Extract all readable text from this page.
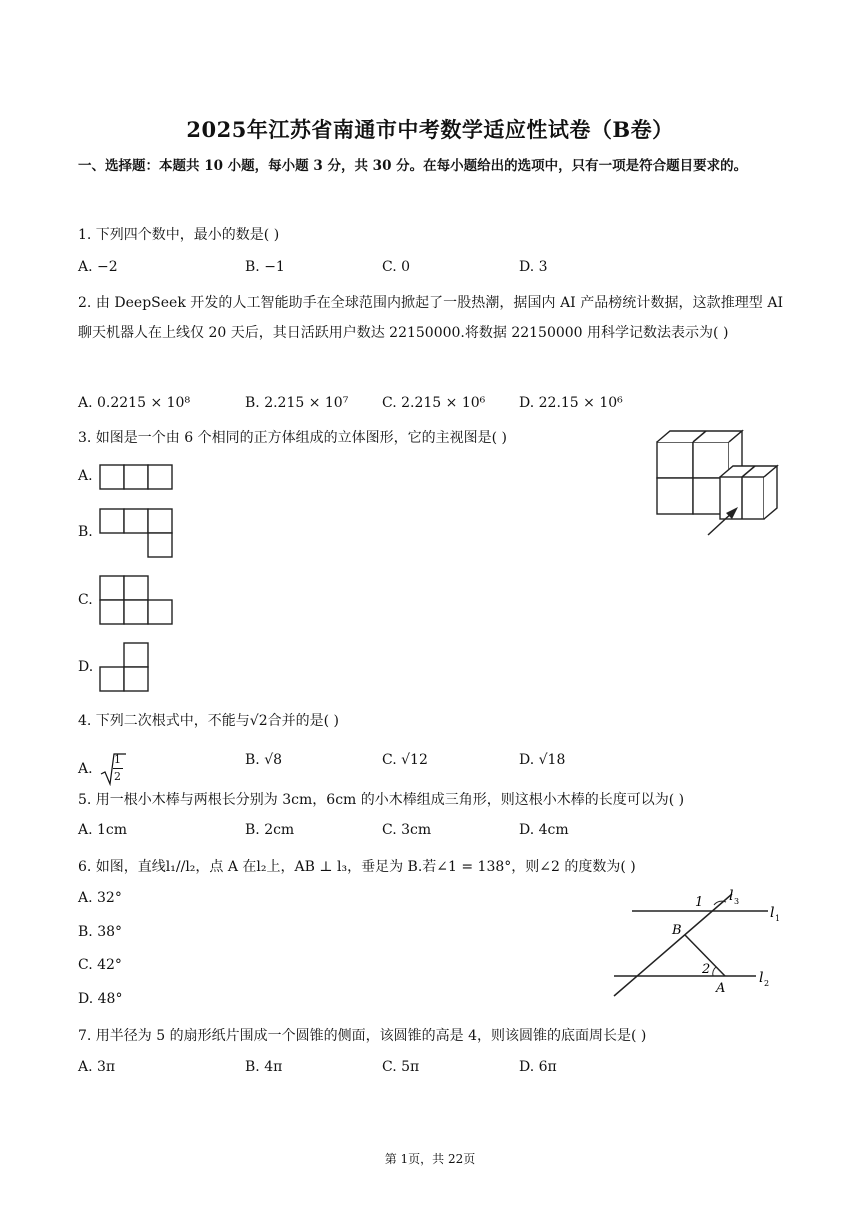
2025年江苏省南通市中考数学适应性试卷（B卷）
一、选择题：本题共 10 小题，每小题 3 分，共 30 分。在每小题给出的选项中，只有一项是符合题目要求的。
1. 下列四个数中，最小的数是( )
A. −2	B. −1	C. 0	D. 3
2. 由 DeepSeek 开发的人工智能助手在全球范围内掀起了一股热潮，据国内 AI 产品榜统计数据，这款推理型 AI 聊天机器人在上线仅 20 天后，其日活跃用户数达 22150000.将数据 22150000 用科学记数法表示为( )
A. 0.2215 × 10⁸	B. 2.215 × 10⁷ C. 2.215 × 10⁶ D. 22.15 × 10⁶
3. 如图是一个由 6 个相同的正方体组成的立体图形，它的主视图是( )
A.
B.
C.
D.
4. 下列二次根式中，不能与√2合并的是( )
A. $\frac{1}{2}$	B. √8	C. √12	D. √18
5. 用一根小木棒与两根长分别为 3cm，6cm 的小木棒组成三角形，则这根小木棒的长度可以为( )
A. 1cm	B. 2cm	C. 3cm	D. 4cm
6. 如图，直线l₁//l₂，点 A 在l₂上，AB ⊥ l₃，垂足为 B.若∠1 = 138°，则∠2 的度数为( )
A. 32°
B. 38°
C. 42°
D. 48°
1 l 3
l 1
l 2
B
2
A
7. 用半径为 5 的扇形纸片围成一个圆锥的侧面，该圆锥的高是 4，则该圆锥的底面周长是( )
A. 3π	B. 4π	C. 5π	D. 6π
第 1页，共 22页
